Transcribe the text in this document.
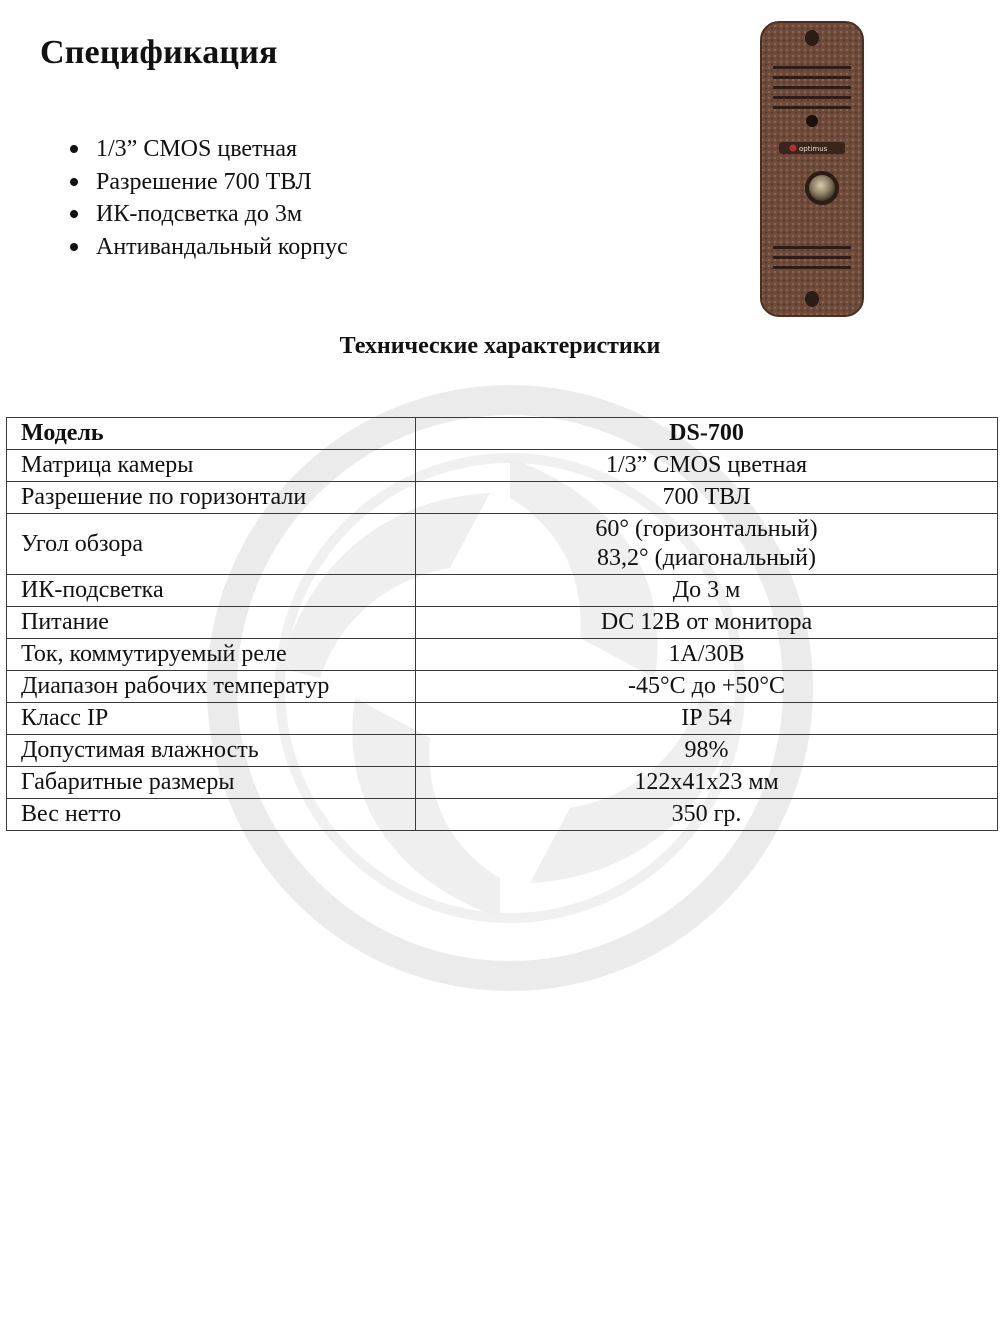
Спецификация
1/3” CMOS цветная
Разрешение 700 ТВЛ
ИК-подсветка до 3м
Антивандальный корпус
optimus
Технические характеристики
Модель	DS-700
Матрица камеры	1/3” CMOS цветная
Разрешение по горизонтали	700 ТВЛ
Угол обзора	60° (горизонтальный)
83,2° (диагональный)

ИК-подсветка	До 3 м
Питание	DC 12В от монитора
Ток, коммутируемый реле	1А/30В
Диапазон рабочих температур	-45°С до +50°С
Класс IP	IP 54
Допустимая влажность	98%
Габаритные размеры	122x41x23 мм
Вес нетто	350 гр.
